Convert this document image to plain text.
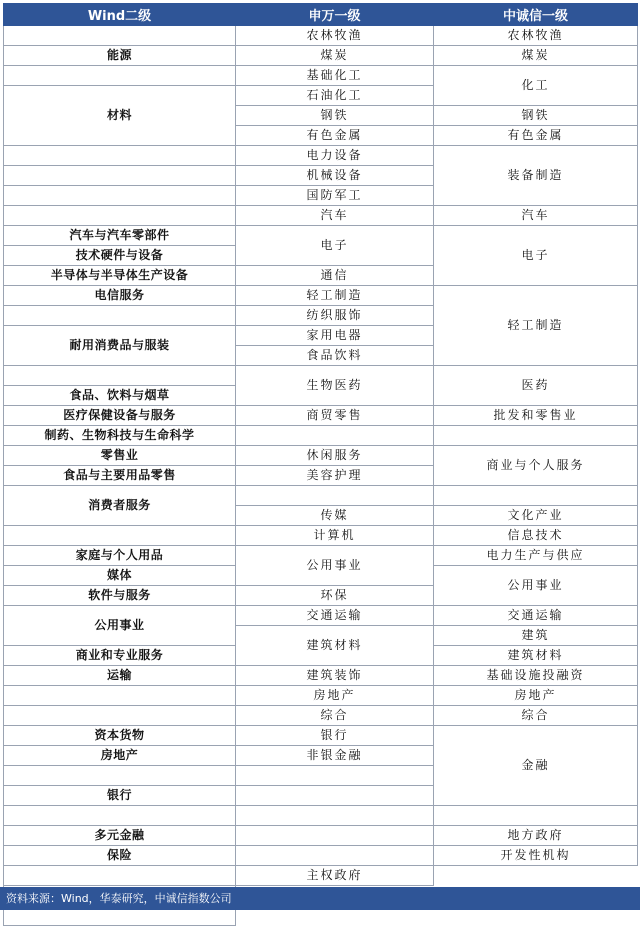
Wind二级	申万一级	中诚信一级
	农林牧渔	农林牧渔
能源	煤炭	煤炭
	基础化工	化工
材料	石油化工	
	钢铁	钢铁
	有色金属	有色金属
	电力设备	装备制造
	机械设备	
	国防军工	
	汽车	汽车
汽车与汽车零部件	电子	电子
技术硬件与设备		

半导体与半导体生产设备	通信	
电信服务	轻工制造	轻工制造
	纺织服饰	
耐用消费品与服装	家用电器	
	食品饮料	
	生物医药	医药
食品、饮料与烟草		
医疗保健设备与服务	商贸零售	批发和零售业
制药、生物科技与生命科学		
零售业	休闲服务	商业与个人服务
食品与主要用品零售	美容护理	
消费者服务		
	传媒	文化产业
	计算机	信息技术
家庭与个人用品	公用事业	电力生产与供应
媒体		公用事业
软件与服务	环保	
公用事业	交通运输	交通运输
	建筑材料	建筑
商业和专业服务		建筑材料
运输	建筑装饰	基础设施投融资
	房地产	房地产
	综合	综合
资本货物	银行	金融
房地产	非银金融	

银行		

多元金融		地方政府
保险		开发性机构
	主权政府	

资料来源：Wind，华泰研究，中诚信指数公司
